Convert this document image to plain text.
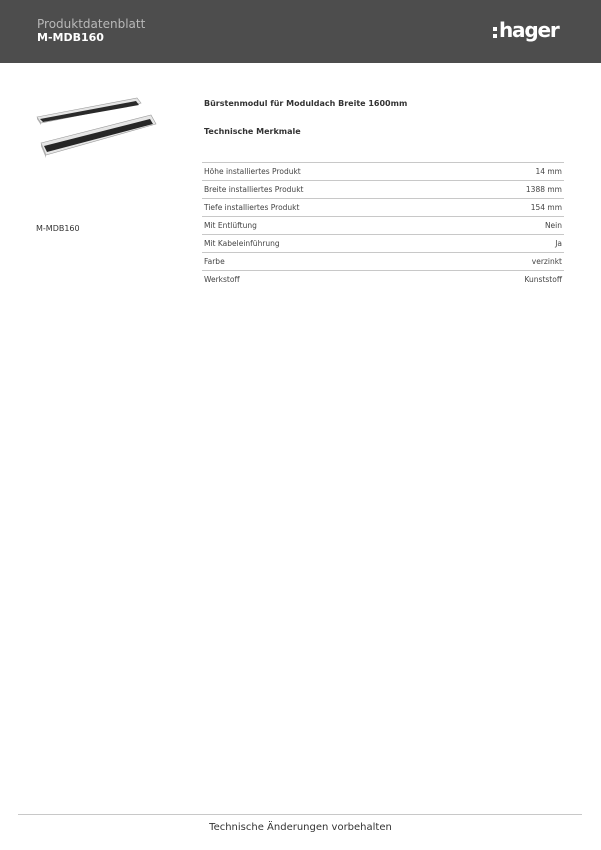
Produktdatenblatt
M-MDB160	hager
M-MDB160
Bürstenmodul für Moduldach Breite 1600mm
Technische Merkmale
Höhe installiertes Produkt	14 mm
Breite installiertes Produkt	1388 mm
Tiefe installiertes Produkt	154 mm
Mit Entlüftung	Nein
Mit Kabeleinführung	Ja
Farbe	verzinkt
Werkstoff	Kunststoff
Technische Änderungen vorbehalten
